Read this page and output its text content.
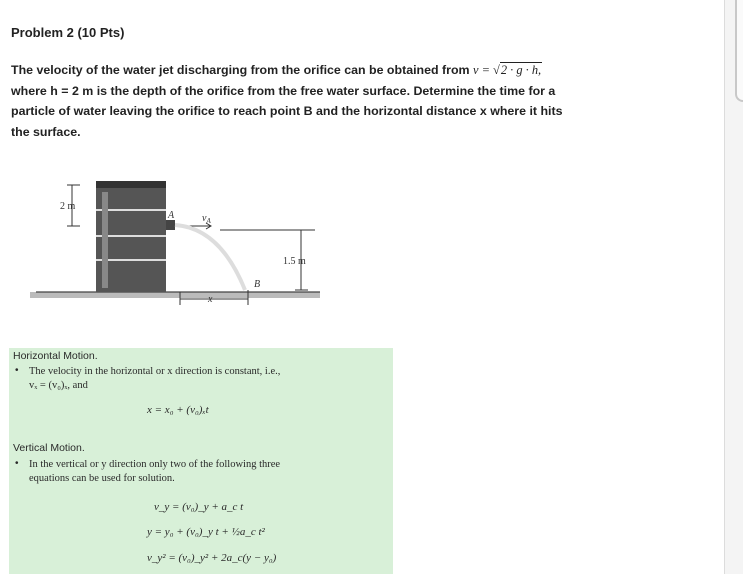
Problem 2 (10 Pts)
The velocity of the water jet discharging from the orifice can be obtained from v = √2 · g · h,
where h = 2 m is the depth of the orifice from the free water surface. Determine the time for a
particle of water leaving the orifice to reach point B and the horizontal distance x where it hits
the surface.
2 m
A	$v_A$
1.5 m
B
x
Horizontal Motion.
• The velocity in the horizontal or x direction is constant, i.e.,
vₓ = (v₀)ₓ, and
x = x₀ + (v₀)ₓt
Vertical Motion.
• In the vertical or y direction only two of the following three
equations can be used for solution.
v_y = (v₀)_y + a_c t
y = y₀ + (v₀)_y t + ½a_c t²
v_y² = (v₀)_y² + 2a_c(y − y₀)
